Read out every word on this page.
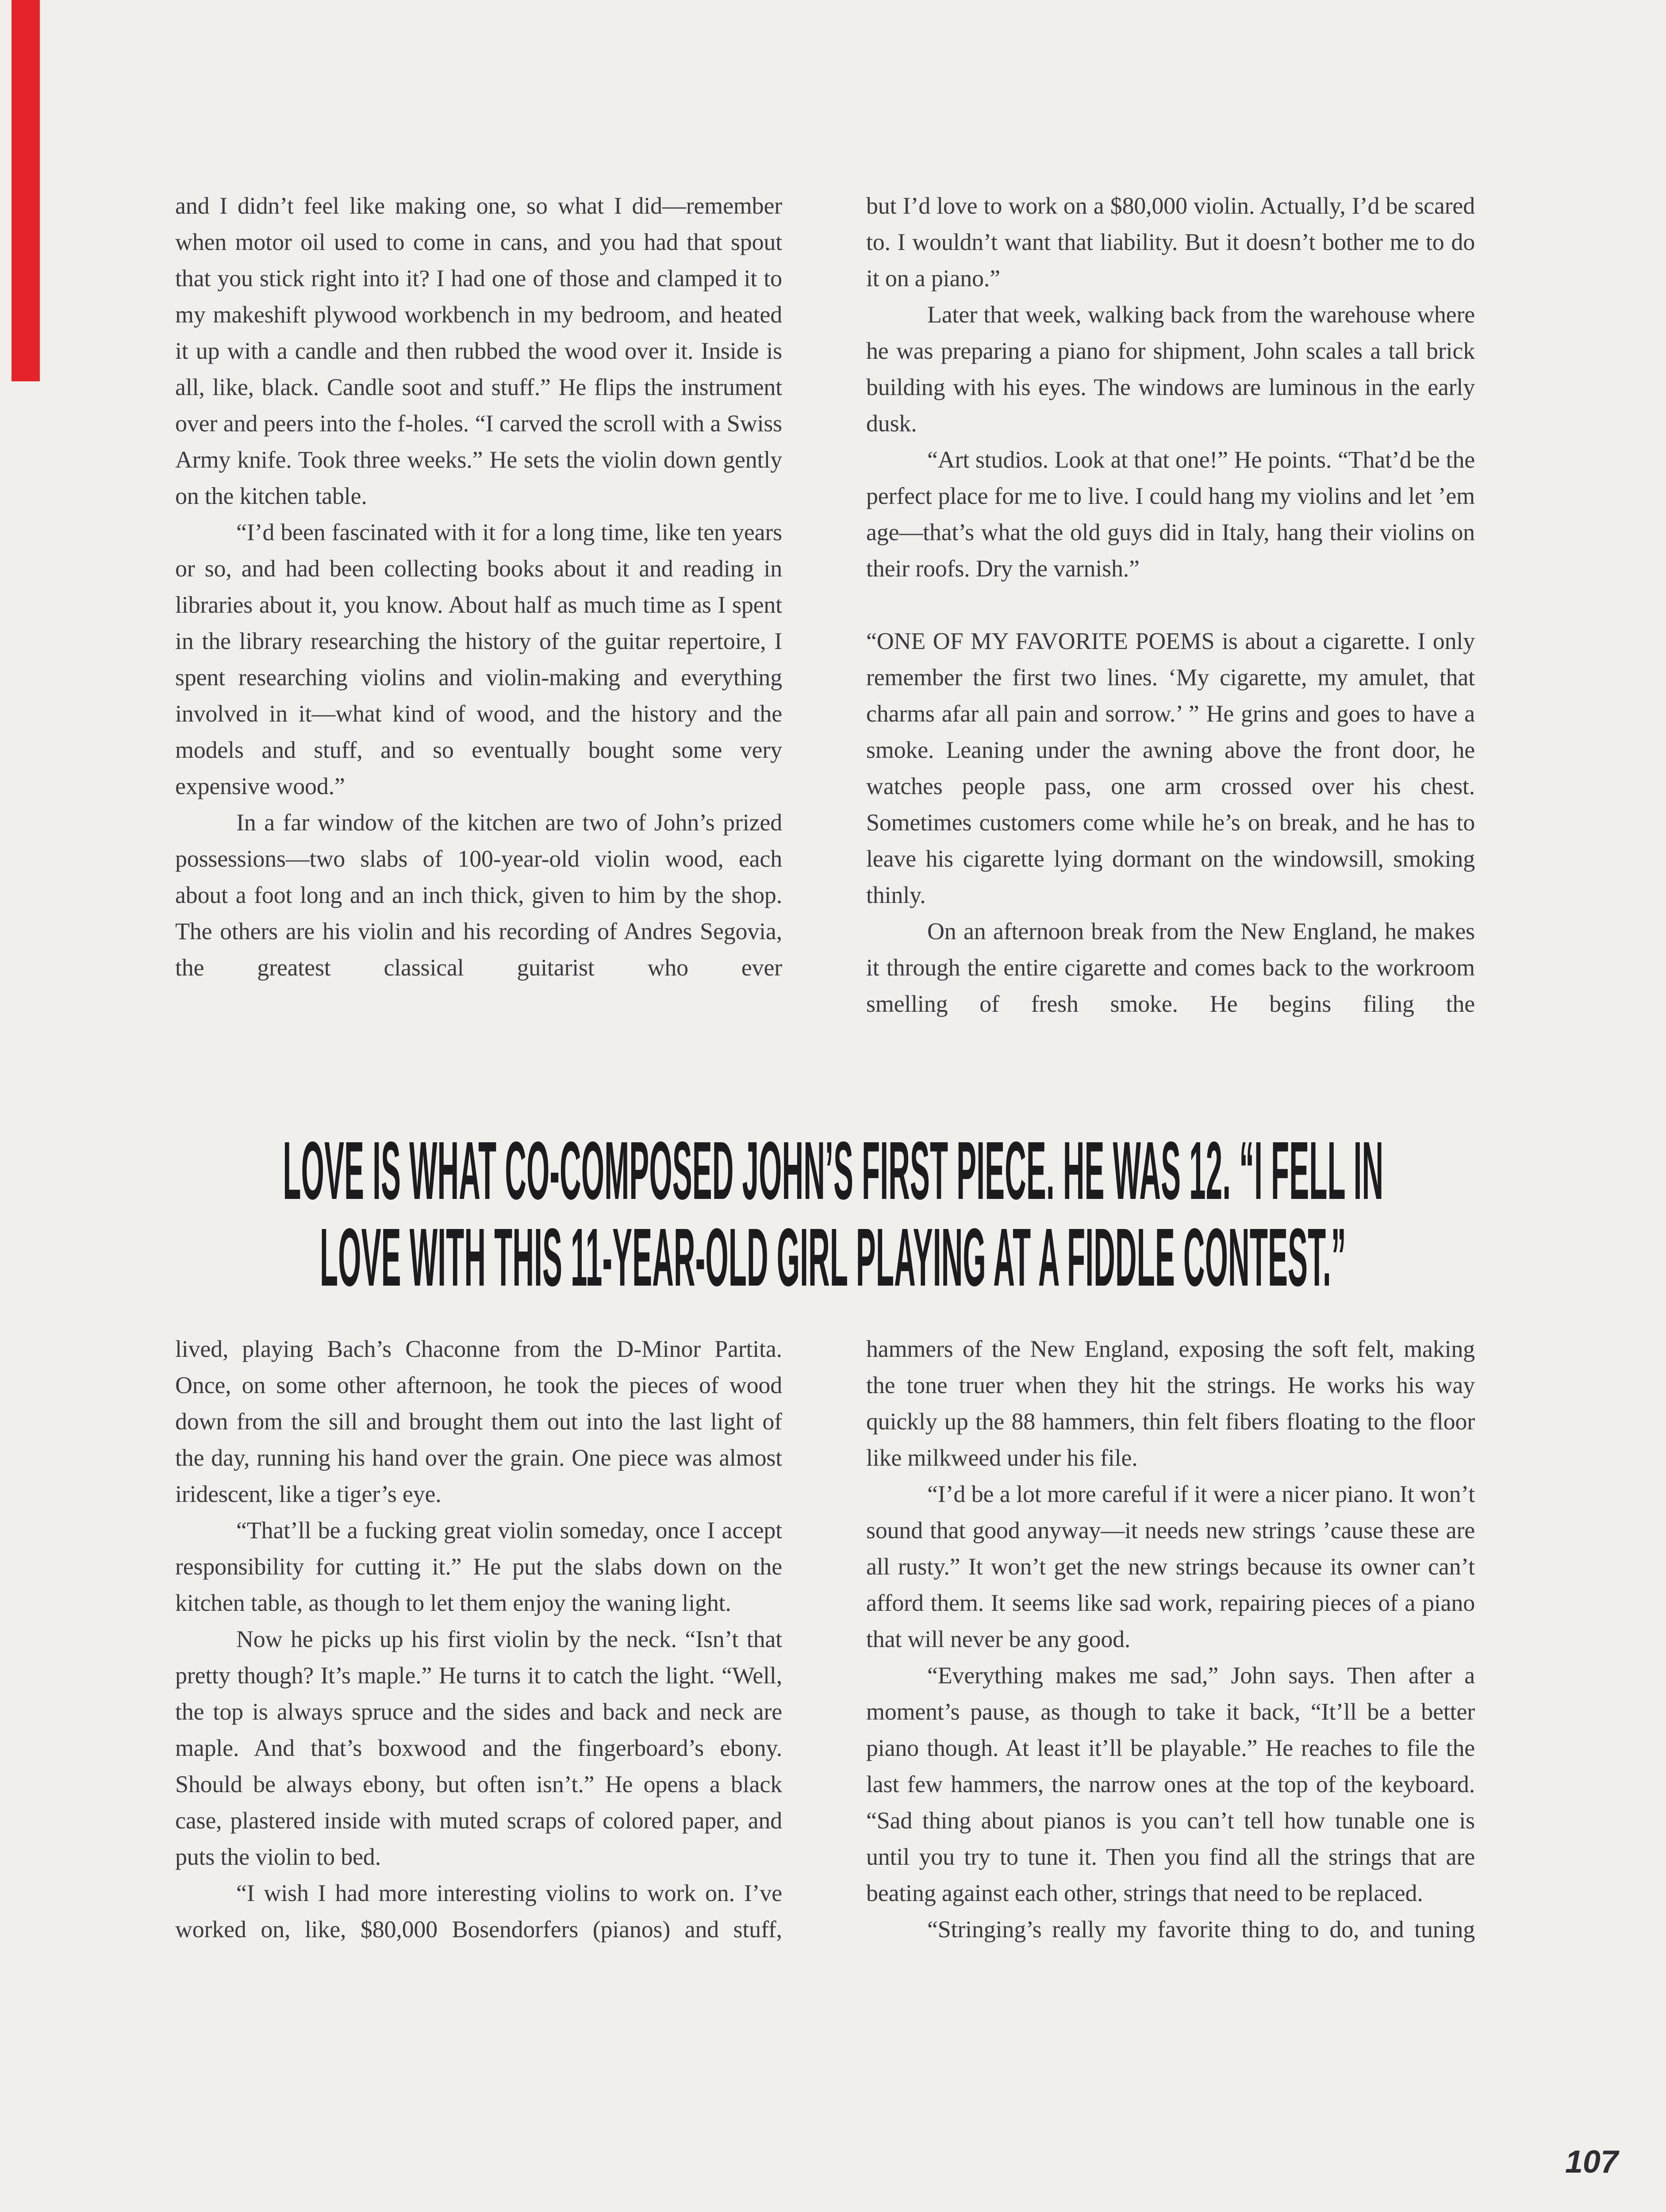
and I didn’t feel like making one, so what I did—remember when motor oil used to come in cans, and you had that spout that you stick right into it? I had one of those and clamped it to my makeshift plywood workbench in my bedroom, and heated it up with a candle and then rubbed the wood over it. Inside is all, like, black. Candle soot and stuff.” He flips the instrument over and peers into the f-holes. “I carved the scroll with a Swiss Army knife. Took three weeks.” He sets the violin down gently on the kitchen table.

“I’d been fascinated with it for a long time, like ten years or so, and had been collecting books about it and reading in libraries about it, you know. About half as much time as I spent in the library researching the history of the guitar repertoire, I spent researching violins and violin-making and everything involved in it—what kind of wood, and the history and the models and stuff, and so eventually bought some very expensive wood.”

In a far window of the kitchen are two of John’s prized possessions—two slabs of 100-year-old violin wood, each about a foot long and an inch thick, given to him by the shop. The others are his violin and his recording of Andres Segovia, the greatest classical guitarist who ever

but I’d love to work on a $80,000 violin. Actually, I’d be scared to. I wouldn’t want that liability. But it doesn’t bother me to do it on a piano.”

Later that week, walking back from the warehouse where he was preparing a piano for shipment, John scales a tall brick building with his eyes. The windows are luminous in the early dusk.

“Art studios. Look at that one!” He points. “That’d be the perfect place for me to live. I could hang my violins and let ’em age—that’s what the old guys did in Italy, hang their violins on their roofs. Dry the varnish.”

“ONE OF MY FAVORITE POEMS is about a cigarette. I only remember the first two lines. ‘My cigarette, my amulet, that charms afar all pain and sorrow.’ ” He grins and goes to have a smoke. Leaning under the awning above the front door, he watches people pass, one arm crossed over his chest. Sometimes customers come while he’s on break, and he has to leave his cigarette lying dormant on the windowsill, smoking thinly.

On an afternoon break from the New England, he makes it through the entire cigarette and comes back to the workroom smelling of fresh smoke. He begins filing the

LOVE IS WHAT CO-COMPOSED JOHN’S FIRST PIECE. HE WAS 12. “I FELL IN
LOVE WITH THIS 11-YEAR-OLD GIRL PLAYING AT A FIDDLE CONTEST.”

lived, playing Bach’s Chaconne from the D-Minor Partita. Once, on some other afternoon, he took the pieces of wood down from the sill and brought them out into the last light of the day, running his hand over the grain. One piece was almost iridescent, like a tiger’s eye.

“That’ll be a fucking great violin someday, once I accept responsibility for cutting it.” He put the slabs down on the kitchen table, as though to let them enjoy the waning light.

Now he picks up his first violin by the neck. “Isn’t that pretty though? It’s maple.” He turns it to catch the light. “Well, the top is always spruce and the sides and back and neck are maple. And that’s boxwood and the fingerboard’s ebony. Should be always ebony, but often isn’t.” He opens a black case, plastered inside with muted scraps of colored paper, and puts the violin to bed.

“I wish I had more interesting violins to work on. I’ve worked on, like, $80,000 Bosendorfers (pianos) and stuff,

hammers of the New England, exposing the soft felt, making the tone truer when they hit the strings. He works his way quickly up the 88 hammers, thin felt fibers floating to the floor like milkweed under his file.

“I’d be a lot more careful if it were a nicer piano. It won’t sound that good anyway—it needs new strings ’cause these are all rusty.” It won’t get the new strings because its owner can’t afford them. It seems like sad work, repairing pieces of a piano that will never be any good.

“Everything makes me sad,” John says. Then after a moment’s pause, as though to take it back, “It’ll be a better piano though. At least it’ll be playable.” He reaches to file the last few hammers, the narrow ones at the top of the keyboard. “Sad thing about pianos is you can’t tell how tunable one is until you try to tune it. Then you find all the strings that are beating against each other, strings that need to be replaced.

“Stringing’s really my favorite thing to do, and tuning

107
